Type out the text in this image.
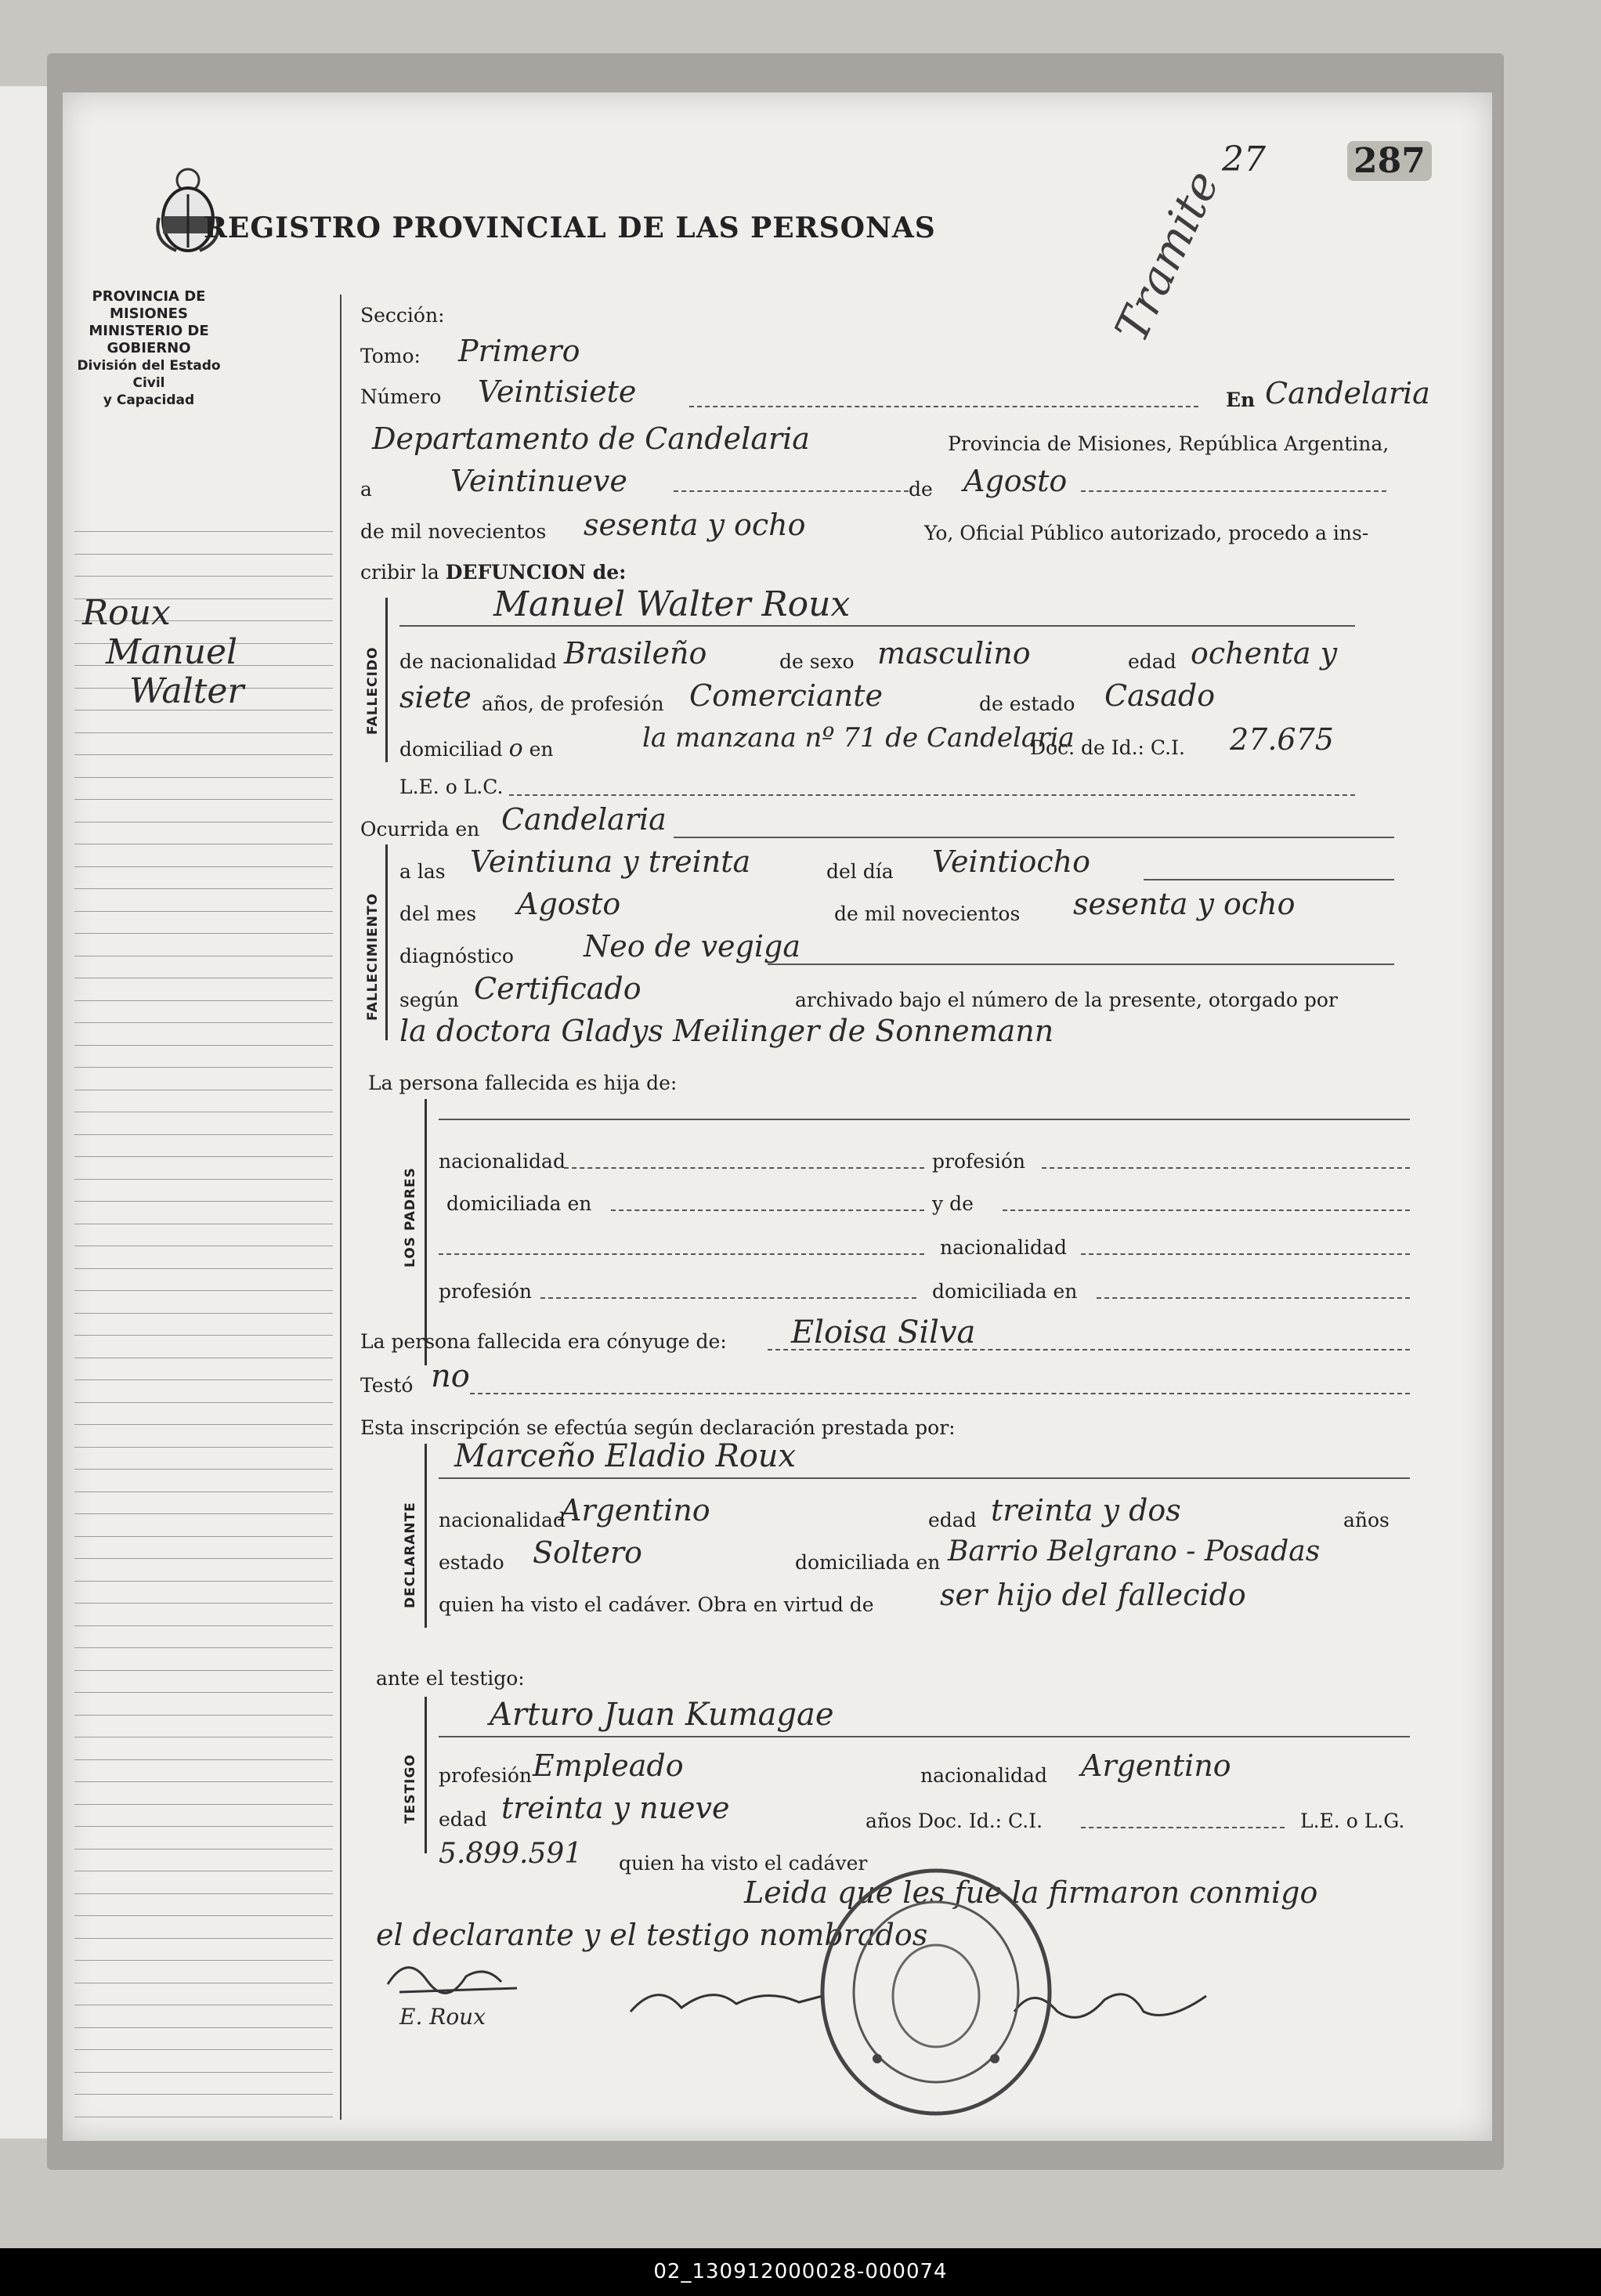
27	287
Tramite
REGISTRO PROVINCIAL DE LAS PERSONAS
PROVINCIA DE MISIONES
MINISTERIO DE GOBIERNO
División del Estado Civil
y Capacidad
Roux
Manuel
Walter
Sección:
Tomo: Primero
Número Veintisiete	En Candelaria
Departamento de Candelaria	Provincia de Misiones, República Argentina,
a	Veintinueve	de Agosto
de mil novecientos sesenta y ocho	Yo, Oficial Público autorizado, procedo a ins-
cribir la DEFUNCION de:
FALLECIDO
Manuel Walter Roux
de nacionalidad Brasileño	de sexo masculino	edad ochenta y
siete años, de profesión Comerciante	de estado Casado
domiciliad o en	la manzana nº 71 de Candelaria
Doc. de Id.: C.I. 27.675
L.E. o L.C.
Ocurrida en Candelaria
FALLECIMIENTO
a las Veintiuna y treinta	del día Veintiocho
del mes Agosto	de mil novecientos sesenta y ocho
diagnóstico Neo de vegiga
según Certificado	archivado bajo el número de la presente, otorgado por
la doctora Gladys Meilinger de Sonnemann
La persona fallecida es hija de:
LOS PADRES
nacionalidad	profesión
domiciliada en	y de
nacionalidad
profesión	domiciliada en
La persona fallecida era cónyuge de: Eloisa Silva
Testó no
Esta inscripción se efectúa según declaración prestada por:
DECLARANTE
Marceño Eladio Roux
nacionalidad
Argentino	edad treinta y dos	años
estado Soltero	domiciliada en Barrio Belgrano - Posadas
quien ha visto el cadáver. Obra en virtud de ser hijo del fallecido
ante el testigo:
TESTIGO
Arturo Juan Kumagae
profesión Empleado	nacionalidad Argentino
edad treinta y nueve	años Doc. Id.: C.I.	L.E. o L.G.
5.899.591 quien ha visto el cadáver
Leida que les fue la firmaron conmigo
el declarante y el testigo nombrados
E. Roux
02_130912000028-000074
